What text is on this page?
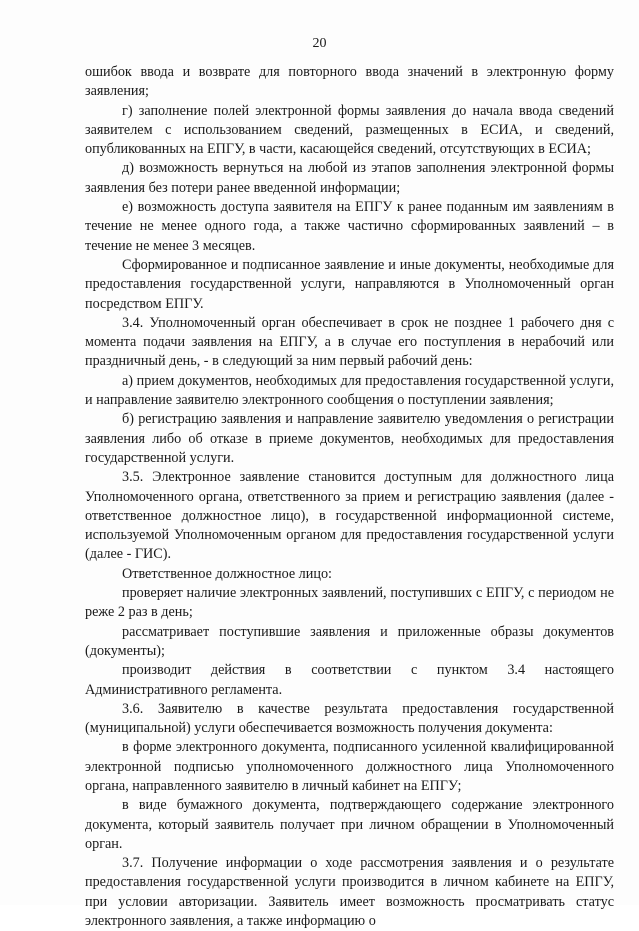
20

ошибок ввода и возврате для повторного ввода значений в электронную форму заявления;

г) заполнение полей электронной формы заявления до начала ввода сведений заявителем с использованием сведений, размещенных в ЕСИА, и сведений, опубликованных на ЕПГУ, в части, касающейся сведений, отсутствующих в ЕСИА;

д) возможность вернуться на любой из этапов заполнения электронной формы заявления без потери ранее введенной информации;

е) возможность доступа заявителя на ЕПГУ к ранее поданным им заявлениям в течение не менее одного года, а также частично сформированных заявлений – в течение не менее 3 месяцев.

Сформированное и подписанное заявление и иные документы, необходимые для предоставления государственной услуги, направляются в Уполномоченный орган посредством ЕПГУ.

3.4. Уполномоченный орган обеспечивает в срок не позднее 1 рабочего дня с момента подачи заявления на ЕПГУ, а в случае его поступления в нерабочий или праздничный день, - в следующий за ним первый рабочий день:

а) прием документов, необходимых для предоставления государственной услуги, и направление заявителю электронного сообщения о поступлении заявления;

б) регистрацию заявления и направление заявителю уведомления о регистрации заявления либо об отказе в приеме документов, необходимых для предоставления государственной услуги.

3.5. Электронное заявление становится доступным для должностного лица Уполномоченного органа, ответственного за прием и регистрацию заявления (далее - ответственное должностное лицо), в государственной информационной системе, используемой Уполномоченным органом для предоставления государственной услуги (далее - ГИС).

Ответственное должностное лицо:

проверяет наличие электронных заявлений, поступивших с ЕПГУ, с периодом не реже 2 раз в день;

рассматривает поступившие заявления и приложенные образы документов (документы);

производит действия в соответствии с пунктом 3.4 настоящего Административного регламента.

3.6. Заявителю в качестве результата предоставления государственной (муниципальной) услуги обеспечивается возможность получения документа:

в форме электронного документа, подписанного усиленной квалифицированной электронной подписью уполномоченного должностного лица Уполномоченного органа, направленного заявителю в личный кабинет на ЕПГУ;

в виде бумажного документа, подтверждающего содержание электронного документа, который заявитель получает при личном обращении в Уполномоченный орган.

3.7. Получение информации о ходе рассмотрения заявления и о результате предоставления государственной услуги производится в личном кабинете на ЕПГУ, при условии авторизации. Заявитель имеет возможность просматривать статус электронного заявления, а также информацию о
